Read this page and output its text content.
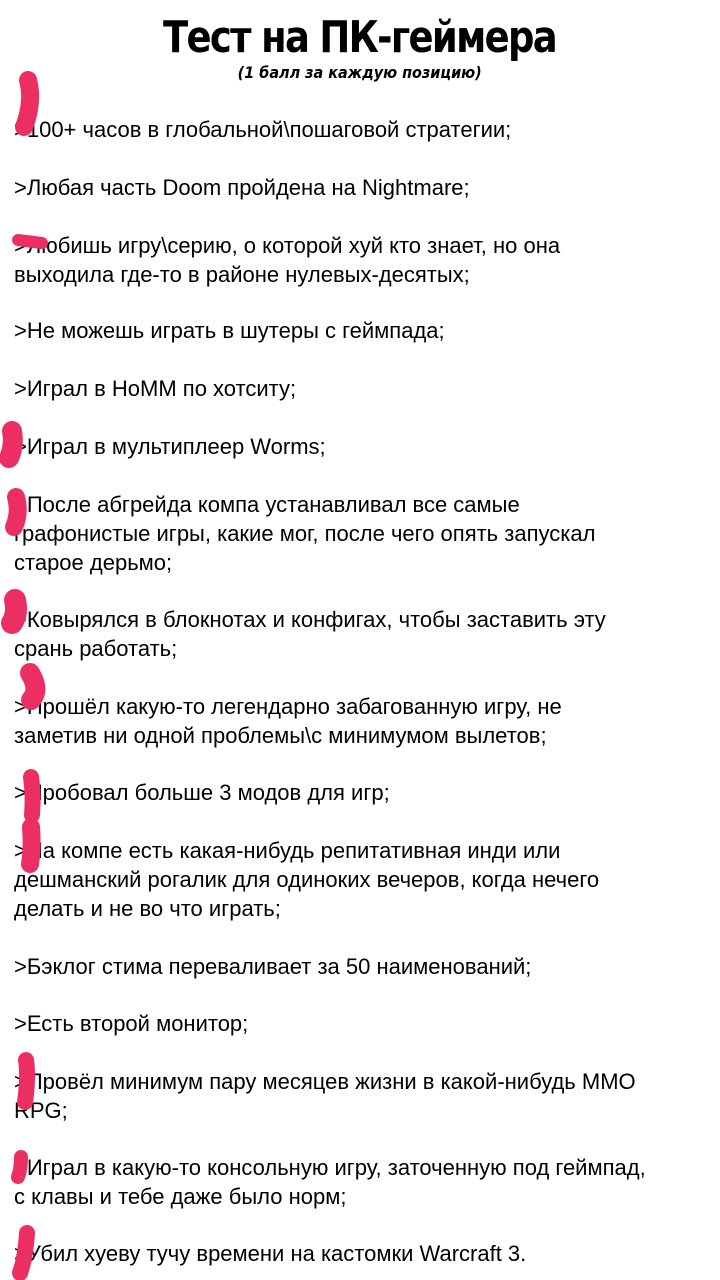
Тест на ПК-геймера
(1 балл за каждую позицию)
>100+ часов в глобальной\пошаговой стратегии;
>Любая часть Doom пройдена на Nightmare;
>Любишь игру\серию, о которой хуй кто знает, но она
выходила где-то в районе нулевых-десятых;
>Не можешь играть в шутеры с геймпада;
>Играл в HoMM по хотситу;
>Играл в мультиплеер Worms;
>После абгрейда компа устанавливал все самые
графонистые игры, какие мог, после чего опять запускал
старое дерьмо;
>Ковырялся в блокнотах и конфигах, чтобы заставить эту
срань работать;
>Прошёл какую-то легендарно забагованную игру, не
заметив ни одной проблемы\с минимумом вылетов;
>Пробовал больше 3 модов для игр;
>На компе есть какая-нибудь репитативная инди или
дешманский рогалик для одиноких вечеров, когда нечего
делать и не во что играть;
>Бэклог стима переваливает за 50 наименований;
>Есть второй монитор;
>Провёл минимум пару месяцев жизни в какой-нибудь MMO
RPG;
>Играл в какую-то консольную игру, заточенную под геймпад,
с клавы и тебе даже было норм;
>Убил хуеву тучу времени на кастомки Warcraft 3.
